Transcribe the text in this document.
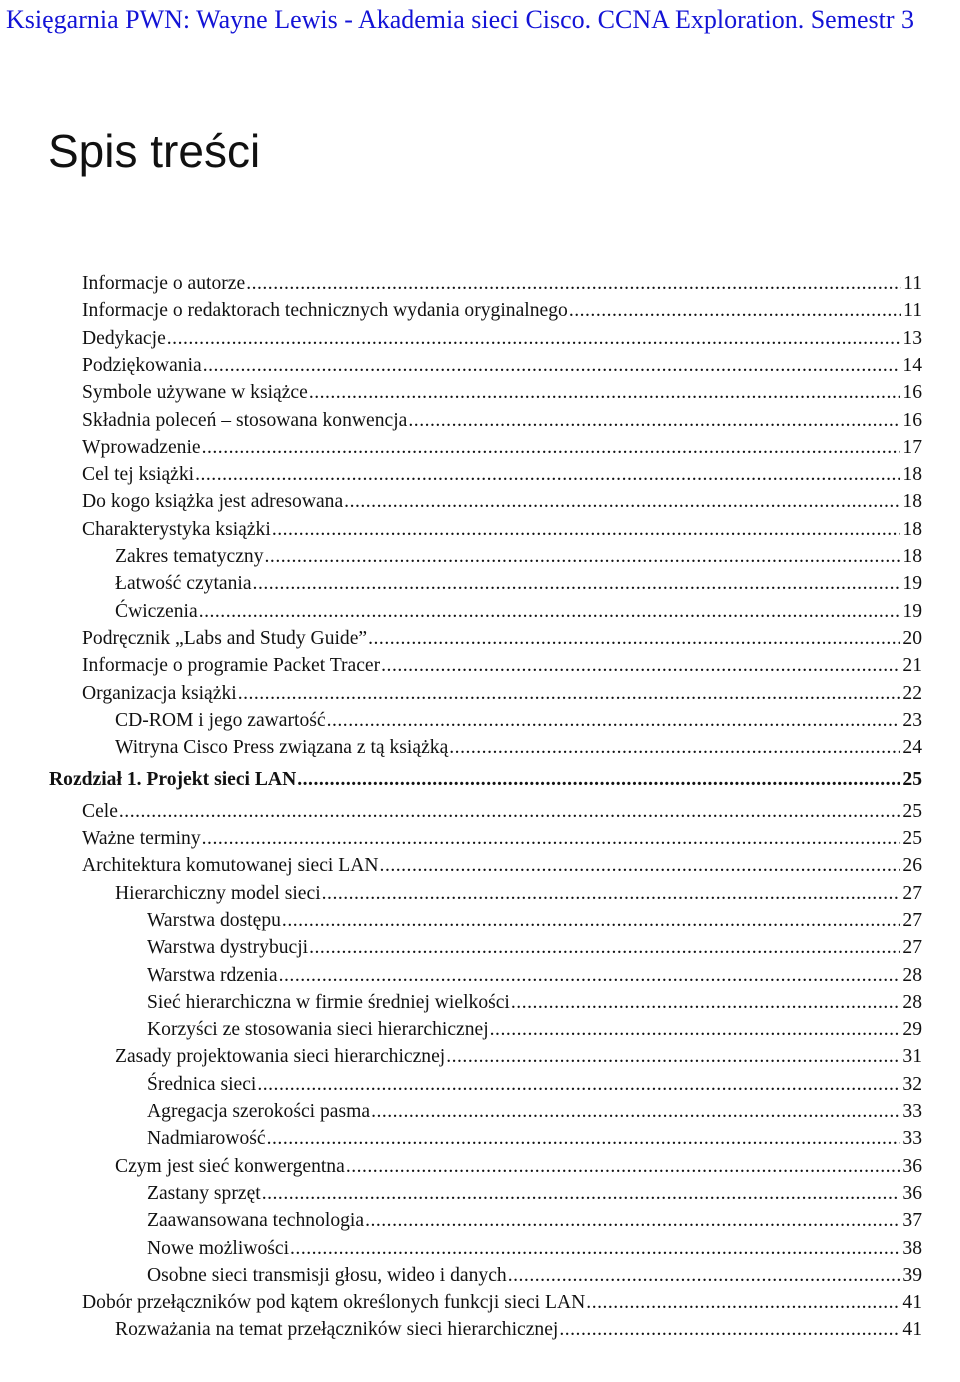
Księgarnia PWN: Wayne Lewis - Akademia sieci Cisco. CCNA Exploration. Semestr 3
Spis treści
Informacje o autorze .....	11
Informacje o redaktorach technicznych wydania oryginalnego .....	11
Dedykacje .....	13
Podziękowania .....	14
Symbole używane w książce .....	16
Składnia poleceń – stosowana konwencja .....	16
Wprowadzenie .....	17
Cel tej książki .....	18
Do kogo książka jest adresowana .....	18
Charakterystyka książki .....	18
Zakres tematyczny .....	18
Łatwość czytania .....	19
Ćwiczenia .....	19
Podręcznik „Labs and Study Guide” .....	20
Informacje o programie Packet Tracer .....	21
Organizacja książki .....	22
CD-ROM i jego zawartość .....	23
Witryna Cisco Press związana z tą książką .....	24
Rozdział 1. Projekt sieci LAN .....	25
Cele .....	25
Ważne terminy .....	25
Architektura komutowanej sieci LAN .....	26
Hierarchiczny model sieci .....	27
Warstwa dostępu .....	27
Warstwa dystrybucji .....	27
Warstwa rdzenia .....	28
Sieć hierarchiczna w firmie średniej wielkości .....	28
Korzyści ze stosowania sieci hierarchicznej .....	29
Zasady projektowania sieci hierarchicznej .....	31
Średnica sieci .....	32
Agregacja szerokości pasma .....	33
Nadmiarowość .....	33
Czym jest sieć konwergentna .....	36
Zastany sprzęt .....	36
Zaawansowana technologia .....	37
Nowe możliwości .....	38
Osobne sieci transmisji głosu, wideo i danych .....	39
Dobór przełączników pod kątem określonych funkcji sieci LAN .....	41
Rozważania na temat przełączników sieci hierarchicznej .....	41
